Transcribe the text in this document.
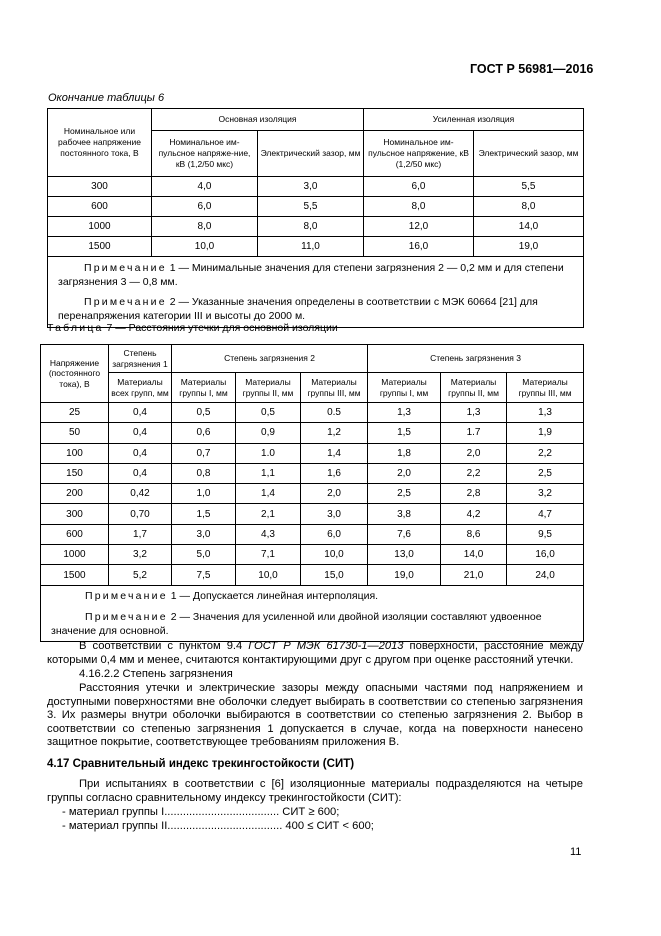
ГОСТ Р 56981—2016
Окончание таблицы 6
Номинальное или рабочее напряжение постоянного тока, В	Основная изоляция		Усиленная изоляция	
	Номинальное им-пульсное напряже-ние, кВ (1,2/50 мкс)	Электрический зазор, мм	Номинальное им-пульсное напряжение, кВ (1,2/50 мкс)	Электрический зазор, мм
300	4,0	3,0	6,0	5,5
600	6,0	5,5	8,0	8,0
1000	8,0	8,0	12,0	14,0
1500	10,0	11,0	16,0	19,0

Примечание 1 — Минимальные значения для степени загрязнения 2 — 0,2 мм и для степени загрязнения 3 — 0,8 мм.
Примечание 2 — Указанные значения определены в соответствии с МЭК 60664 [21] для перенапряжения категории III и высоты до 2000 м.				
Таблица 7 — Расстояния утечки для основной изоляции
Напряжение (постоянного тока), В	Степень загрязнения 1	Степень загрязнения 2			Степень загрязнения 3		
	Материалы всех групп, мм	Материалы группы I, мм	Материалы группы II, мм	Материалы группы III, мм	Материалы группы I, мм	Материалы группы II, мм	Материалы группы III, мм
25	0,4	0,5	0,5	0.5	1,3	1,3	1,3
50	0,4	0,6	0,9	1,2	1,5	1.7	1,9
100	0,4	0,7	1.0	1,4	1,8	2,0	2,2
150	0,4	0,8	1,1	1,6	2,0	2,2	2,5
200	0,42	1,0	1,4	2,0	2,5	2,8	3,2
300	0,70	1,5	2,1	3,0	3,8	4,2	4,7
600	1,7	3,0	4,3	6,0	7,6	8,6	9,5
1000	3,2	5,0	7,1	10,0	13,0	14,0	16,0
1500	5,2	7,5	10,0	15,0	19,0	21,0	24,0

Примечание 1 — Допускается линейная интерполяция.
Примечание 2 — Значения для усиленной или двойной изоляции составляют удвоенное значение для основной.							
В соответствии с пунктом 9.4 ГОСТ Р МЭК 61730-1—2013 поверхности, расстояние между которыми 0,4 мм и менее, считаются контактирующими друг с другом при оценке расстояний утечки.
4.16.2.2 Степень загрязнения
Расстояния утечки и электрические зазоры между опасными частями под напряжением и доступными поверхностями вне оболочки следует выбирать в соответствии со степенью загрязнения 3. Их размеры внутри оболочки выбираются в соответствии со степенью загрязнения 2. Выбор в соответствии со степенью загрязнения 1 допускается в случае, когда на поверхности нанесено защитное покрытие, соответствующее требованиям приложения В.
4.17 Сравнительный индекс трекингостойкости (СИТ)
При испытаниях в соответствии с [6] изоляционные материалы подразделяются на четыре группы согласно сравнительному индексу трекингостойкости (СИТ):
- материал группы I..................................... СИТ ≥ 600;
- материал группы II..................................... 400 ≤ СИТ < 600;
11
